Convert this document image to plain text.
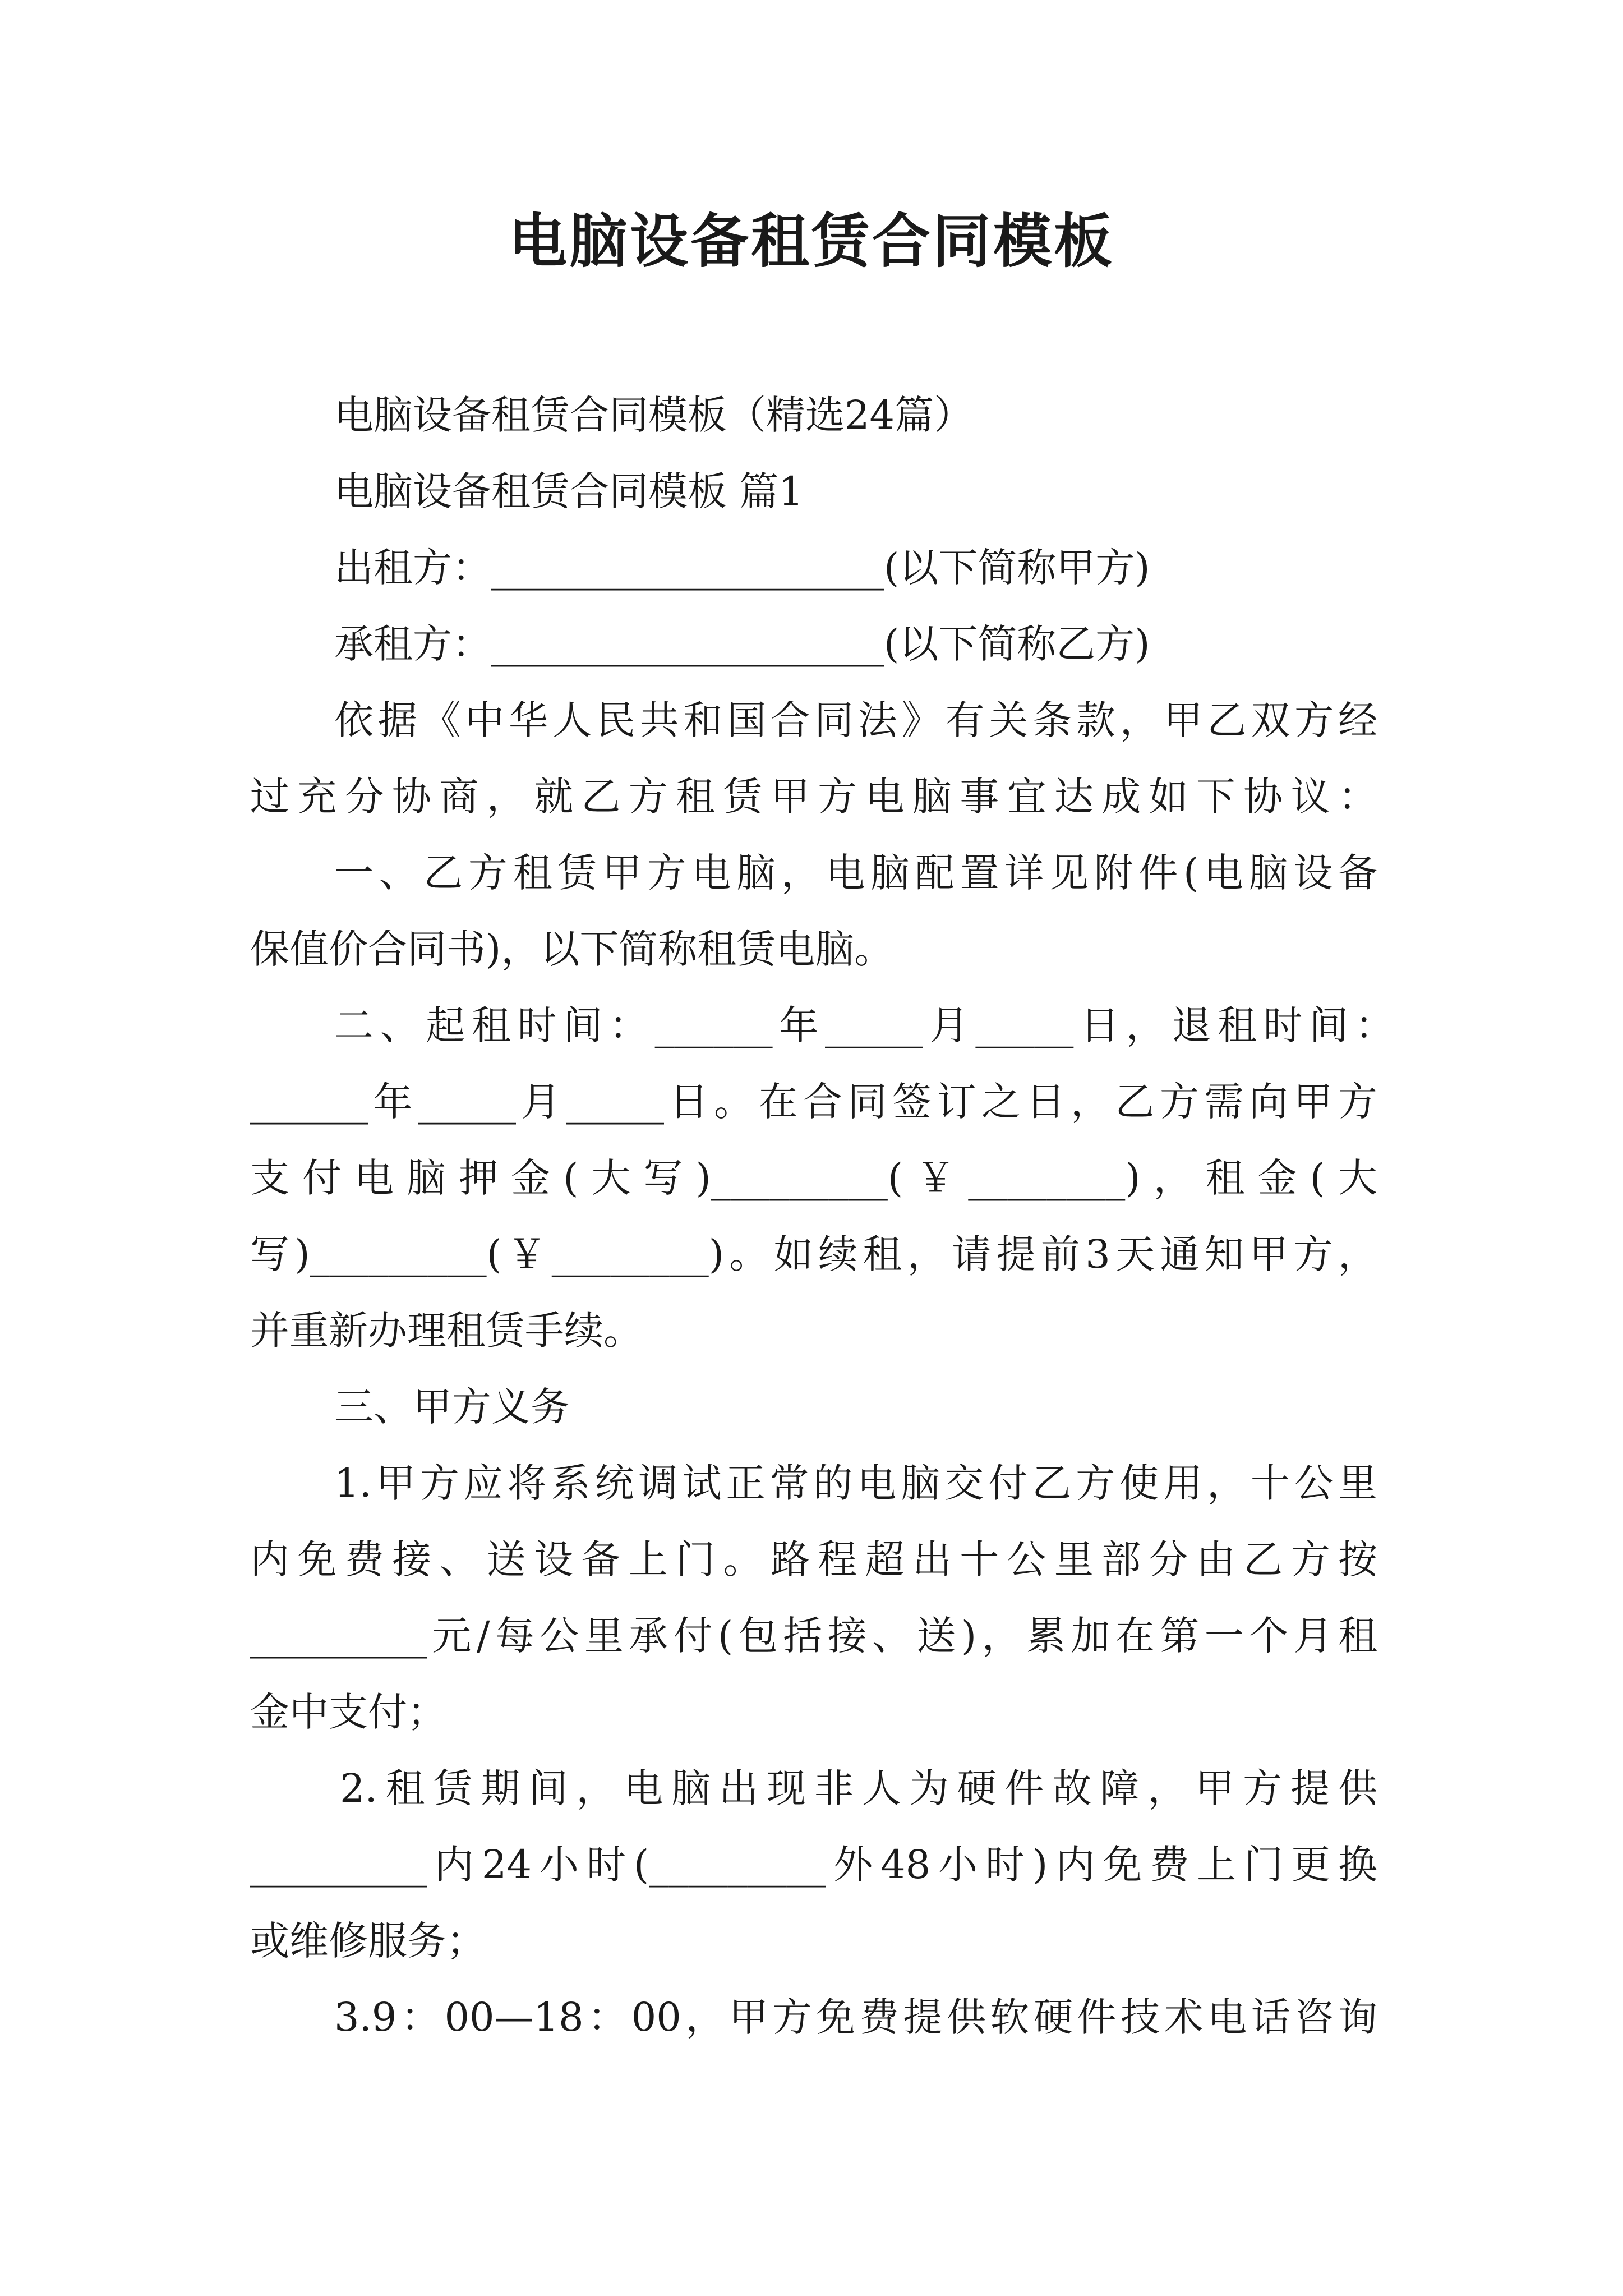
电脑设备租赁合同模板
电脑设备租赁合同模板（精选24篇）
电脑设备租赁合同模板 篇1
出租方：____________________(以下简称甲方)
承租方：____________________(以下简称乙方)
依据《中华人民共和国合同法》有关条款，甲乙双方经
过充分协商，就乙方租赁甲方电脑事宜达成如下协议：
一、乙方租赁甲方电脑，电脑配置详见附件(电脑设备
保值价合同书)，以下简称租赁电脑。
二、起租时间：______年_____月_____日，退租时间：
______年_____月_____日。在合同签订之日，乙方需向甲方
支付电脑押金(大写)_________(￥________)，租金(大
写)_________(￥________)。如续租，请提前3天通知甲方，
并重新办理租赁手续。
三、甲方义务
1.甲方应将系统调试正常的电脑交付乙方使用，十公里
内免费接、送设备上门。路程超出十公里部分由乙方按
_________元/每公里承付(包括接、送)，累加在第一个月租
金中支付；
2.租赁期间，电脑出现非人为硬件故障，甲方提供
_________内24小时(_________外48小时)内免费上门更换
或维修服务；
3.9：00—18：00，甲方免费提供软硬件技术电话咨询
